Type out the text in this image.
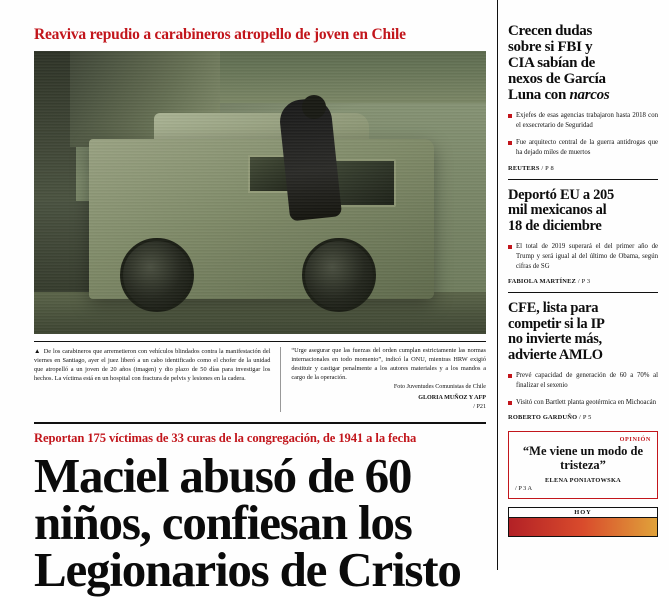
Reaviva repudio a carabineros atropello de joven en Chile
▲ De los carabineros que arremetieron con vehículos blindados contra la manifestación del viernes en Santiago, ayer el juez liberó a un cabo identificado como el chofer de la unidad que atropelló a un joven de 20 años (imagen) y dio plazo de 50 días para investigar los hechos. La víctima está en un hospital con fractura de pelvis y lesiones en la cadera.
“Urge asegurar que las fuerzas del orden cumplan estrictamente las normas internacionales en todo momento”, indicó la ONU, mientras HRW exigió destituir y castigar penalmente a los autores materiales y a los mandos a cargo de la operación.
Foto Juventudes Comunistas de Chile
GLORIA MUÑOZ Y AFP
/ P21
Reportan 175 víctimas de 33 curas de la congregación, de 1941 a la fecha
Maciel abusó de 60 niños, confiesan los Legionarios de Cristo
Crecen dudas
sobre si FBI y
CIA sabían de
nexos de García
Luna con narcos
Exjefes de esas agencias trabajaron hasta 2018 con el exsecretario de Seguridad
Fue arquitecto central de la guerra antidrogas que ha dejado miles de muertos
REUTERS / P 8
Deportó EU a 205
mil mexicanos al
18 de diciembre
El total de 2019 superará el del primer año de Trump y será igual al del último de Obama, según cifras de SG
FABIOLA MARTÍNEZ / P 3
CFE, lista para
competir si la IP
no invierte más,
advierte AMLO
Prevé capacidad de generación de 60 a 70% al finalizar el sexenio
Visitó con Bartlett planta geotérmica en Michoacán
ROBERTO GARDUÑO / P 5
OPINIÓN
“Me viene un modo de tristeza”
ELENA PONIATOWSKA
/ P 3 A
HOY
